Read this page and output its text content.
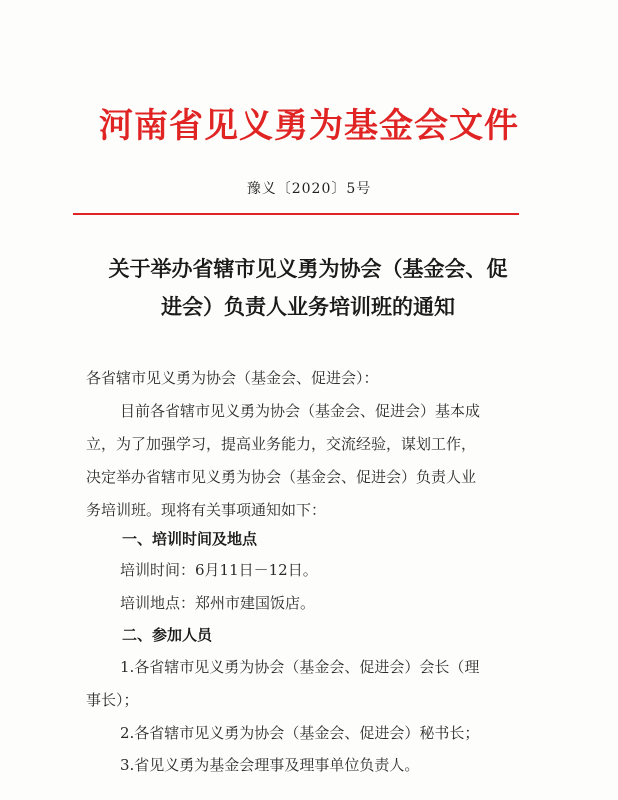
河南省见义勇为基金会文件
豫义〔2020〕5号
关于举办省辖市见义勇为协会（基金会、促
进会）负责人业务培训班的通知
各省辖市见义勇为协会（基金会、促进会）：
目前各省辖市见义勇为协会（基金会、促进会）基本成
立，为了加强学习，提高业务能力，交流经验，谋划工作，
决定举办省辖市见义勇为协会（基金会、促进会）负责人业
务培训班。现将有关事项通知如下：
一、培训时间及地点
培训时间：6月11日－12日。
培训地点：郑州市建国饭店。
二、参加人员
1.各省辖市见义勇为协会（基金会、促进会）会长（理
事长）；
2.各省辖市见义勇为协会（基金会、促进会）秘书长；
3.省见义勇为基金会理事及理事单位负责人。
